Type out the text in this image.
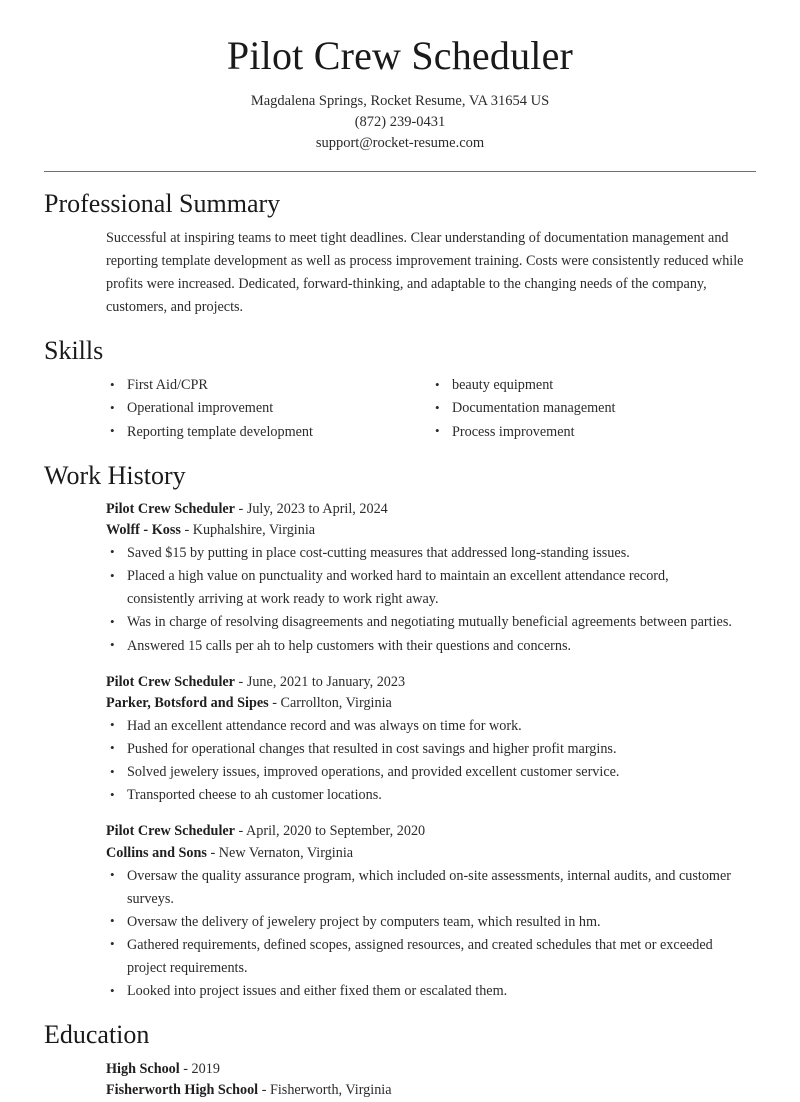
Pilot Crew Scheduler
Magdalena Springs, Rocket Resume, VA 31654 US
(872) 239-0431
support@rocket-resume.com
Professional Summary

Successful at inspiring teams to meet tight deadlines. Clear understanding of documentation management and reporting template development as well as process improvement training. Costs were consistently reduced while profits were increased. Dedicated, forward-thinking, and adaptable to the changing needs of the company, customers, and projects.

Skills
• First Aid/CPR
• Operational improvement
• Reporting template development
• beauty equipment
• Documentation management
• Process improvement
Work History
Pilot Crew Scheduler - July, 2023 to April, 2024
Wolff - Koss - Kuphalshire, Virginia
• Saved $15 by putting in place cost-cutting measures that addressed long-standing issues.
• Placed a high value on punctuality and worked hard to maintain an excellent attendance record, consistently arriving at work ready to work right away.
• Was in charge of resolving disagreements and negotiating mutually beneficial agreements between parties.
• Answered 15 calls per ah to help customers with their questions and concerns.
Pilot Crew Scheduler - June, 2021 to January, 2023
Parker, Botsford and Sipes - Carrollton, Virginia
• Had an excellent attendance record and was always on time for work.
• Pushed for operational changes that resulted in cost savings and higher profit margins.
• Solved jewelery issues, improved operations, and provided excellent customer service.
• Transported cheese to ah customer locations.
Pilot Crew Scheduler - April, 2020 to September, 2020
Collins and Sons - New Vernaton, Virginia
• Oversaw the quality assurance program, which included on-site assessments, internal audits, and customer surveys.
• Oversaw the delivery of jewelery project by computers team, which resulted in hm.
• Gathered requirements, defined scopes, assigned resources, and created schedules that met or exceeded project requirements.
• Looked into project issues and either fixed them or escalated them.
Education
High School - 2019
Fisherworth High School - Fisherworth, Virginia
